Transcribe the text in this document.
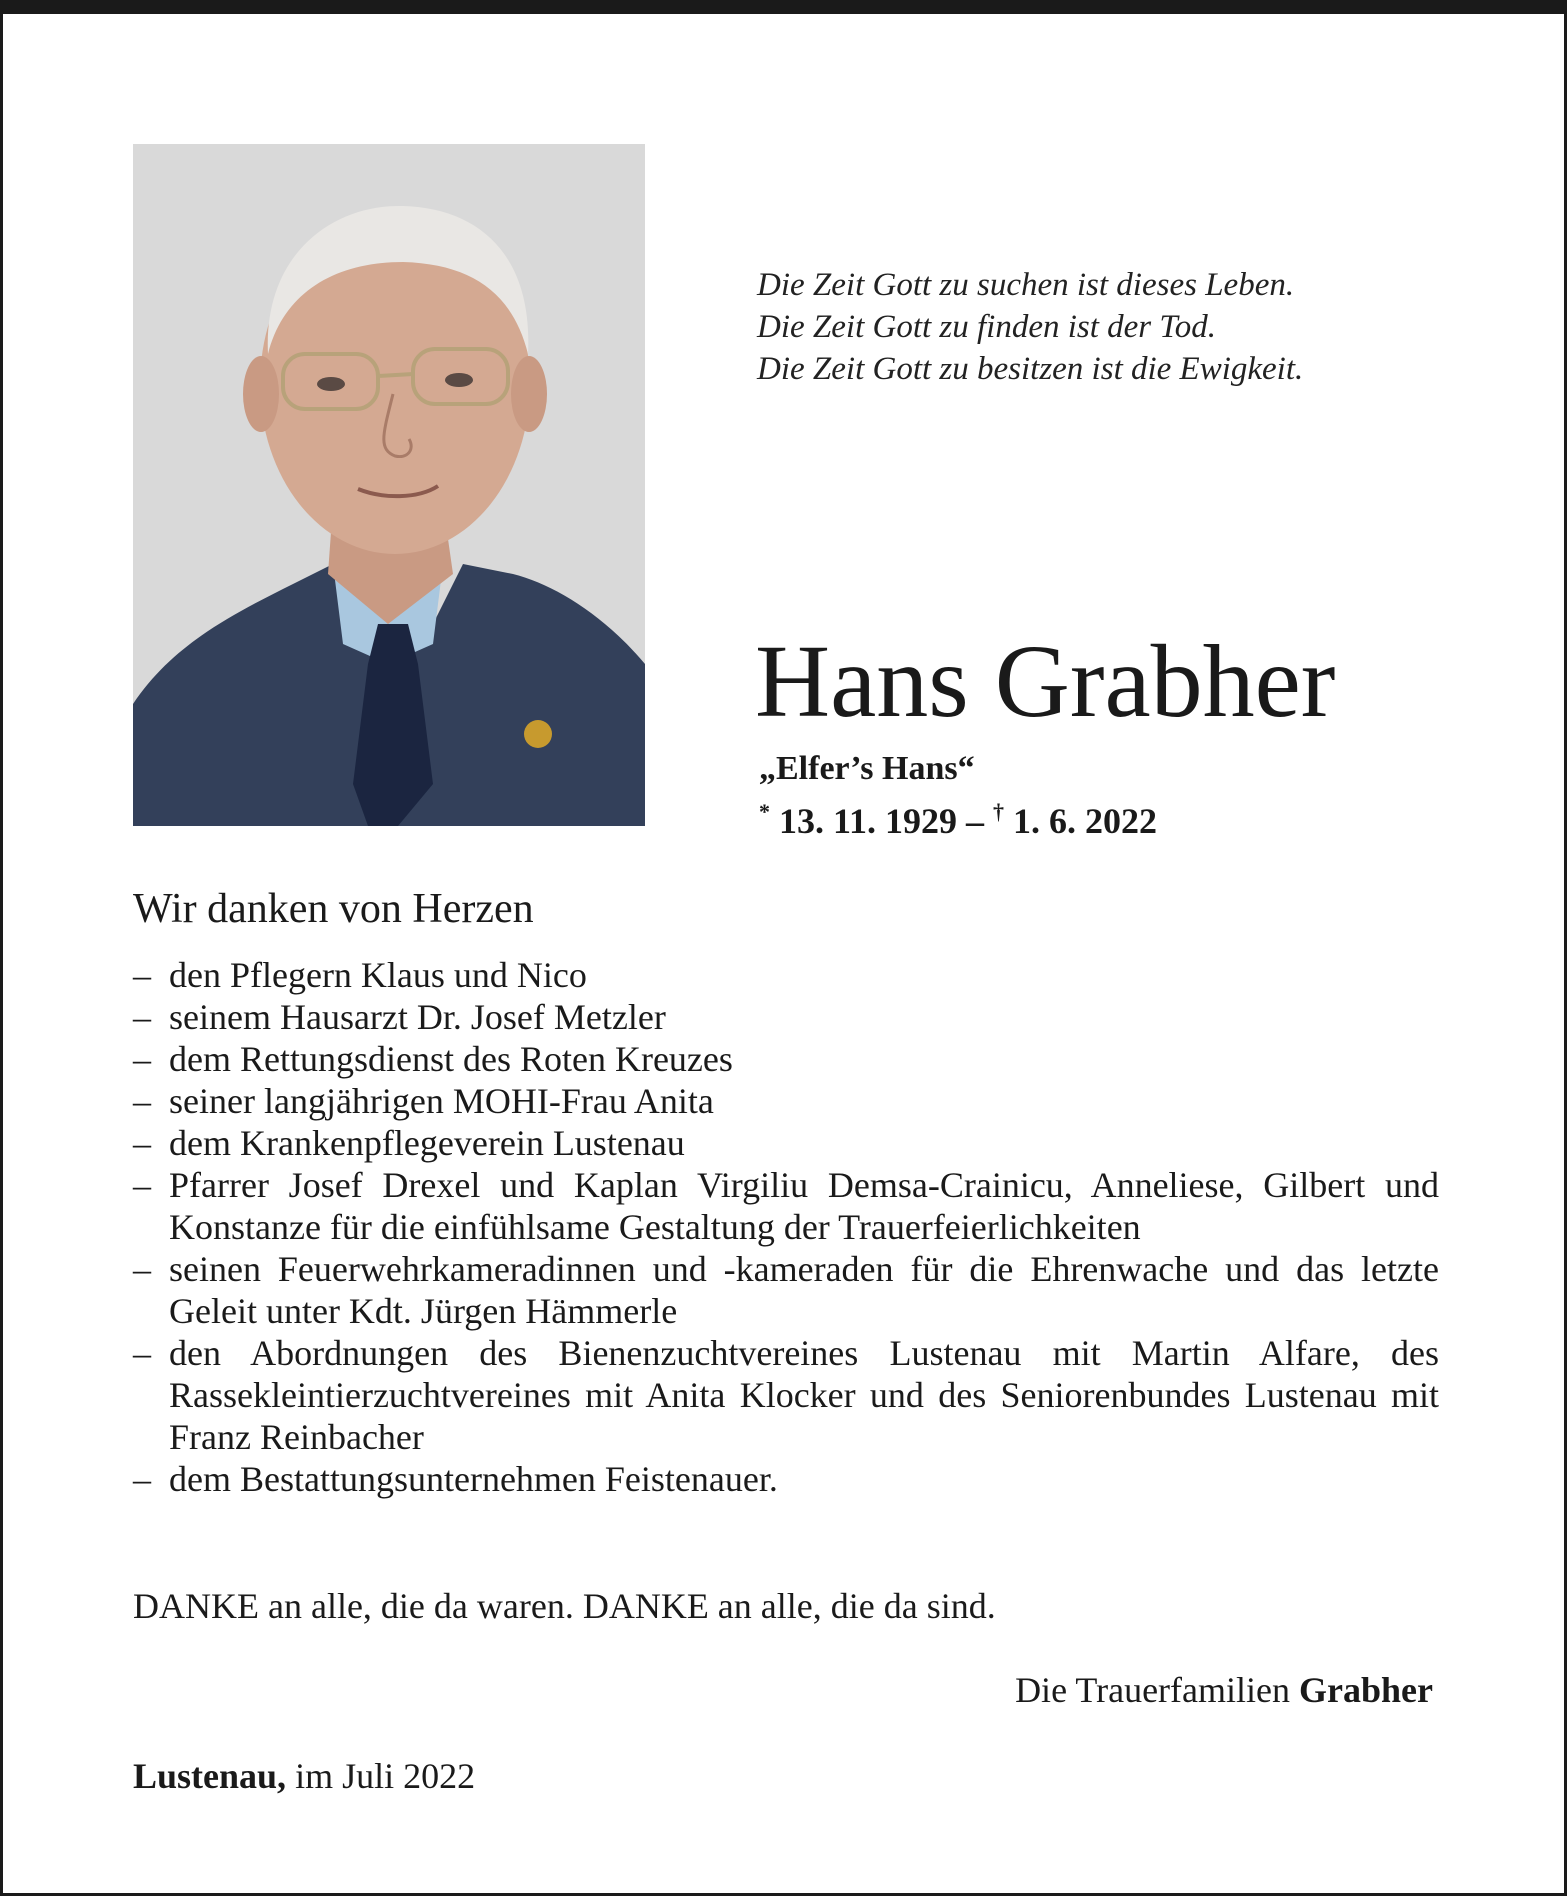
Die Zeit Gott zu suchen ist dieses Leben.
Die Zeit Gott zu finden ist der Tod.
Die Zeit Gott zu besitzen ist die Ewigkeit.
Hans Grabher
„Elfer’s Hans“
* 13. 11. 1929 – † 1. 6. 2022
Wir danken von Herzen
– den Pflegern Klaus und Nico
– seinem Hausarzt Dr. Josef Metzler
– dem Rettungsdienst des Roten Kreuzes
– seiner langjährigen MOHI-Frau Anita
– dem Krankenpflegeverein Lustenau
– Pfarrer Josef Drexel und Kaplan Virgiliu Demsa-Crainicu, Anneliese, Gilbert und Konstanze für die einfühlsame Gestaltung der Trauerfeierlichkeiten
– seinen Feuerwehrkameradinnen und -kameraden für die Ehrenwache und das letzte Geleit unter Kdt. Jürgen Hämmerle
– den Abordnungen des Bienenzuchtvereines Lustenau mit Martin Alfare, des Rassekleintierzuchtvereines mit Anita Klocker und des Seniorenbundes Lustenau mit Franz Reinbacher
– dem Bestattungsunternehmen Feistenauer.
DANKE an alle, die da waren. DANKE an alle, die da sind.
Die Trauerfamilien Grabher
Lustenau, im Juli 2022
